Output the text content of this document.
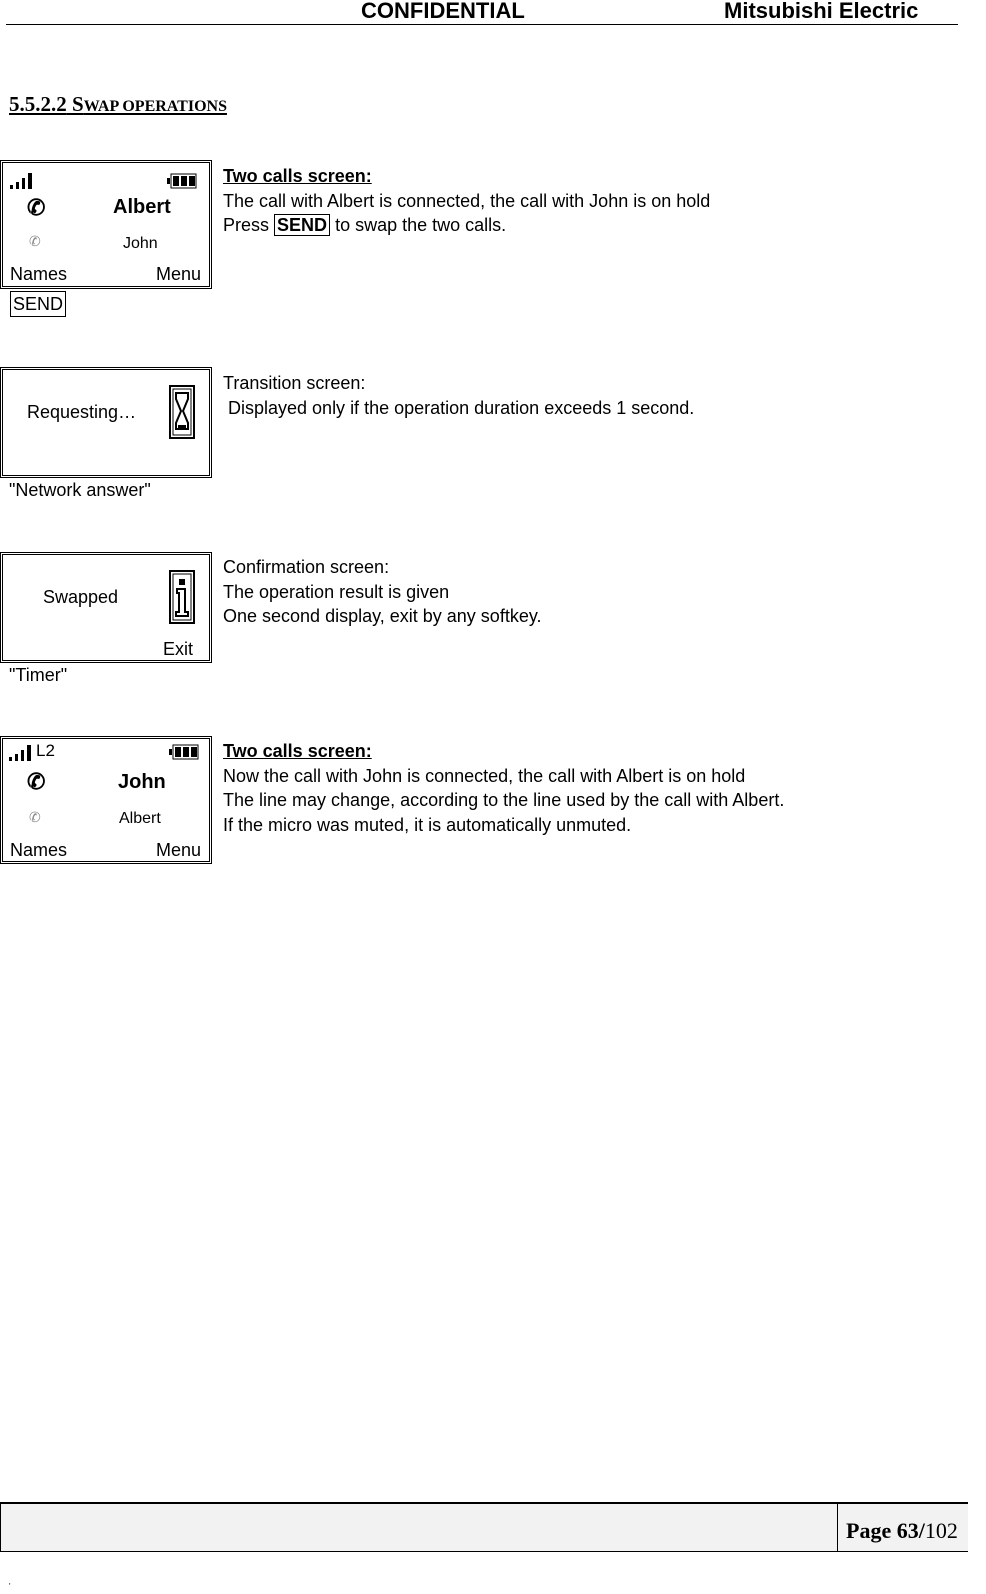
CONFIDENTIAL	Mitsubishi Electric
5.5.2.2 SWAP OPERATIONS
✆	Albert
✆	John
Names	Menu
SEND
Two calls screen:
The call with Albert is connected, the call with John is on hold
Press SEND to swap the two calls.
Requesting…
"Network answer"
Transition screen:
Displayed only if the operation duration exceeds 1 second.
Swapped
Exit
"Timer"
Confirmation screen:
The operation result is given
One second display, exit by any softkey.
L2
✆	John
✆	Albert
Names	Menu
Two calls screen:
Now the call with John is connected, the call with Albert is on hold
The line may change, according to the line used by the call with Albert.
If the micro was muted, it is automatically unmuted.
Page 63/102
'
